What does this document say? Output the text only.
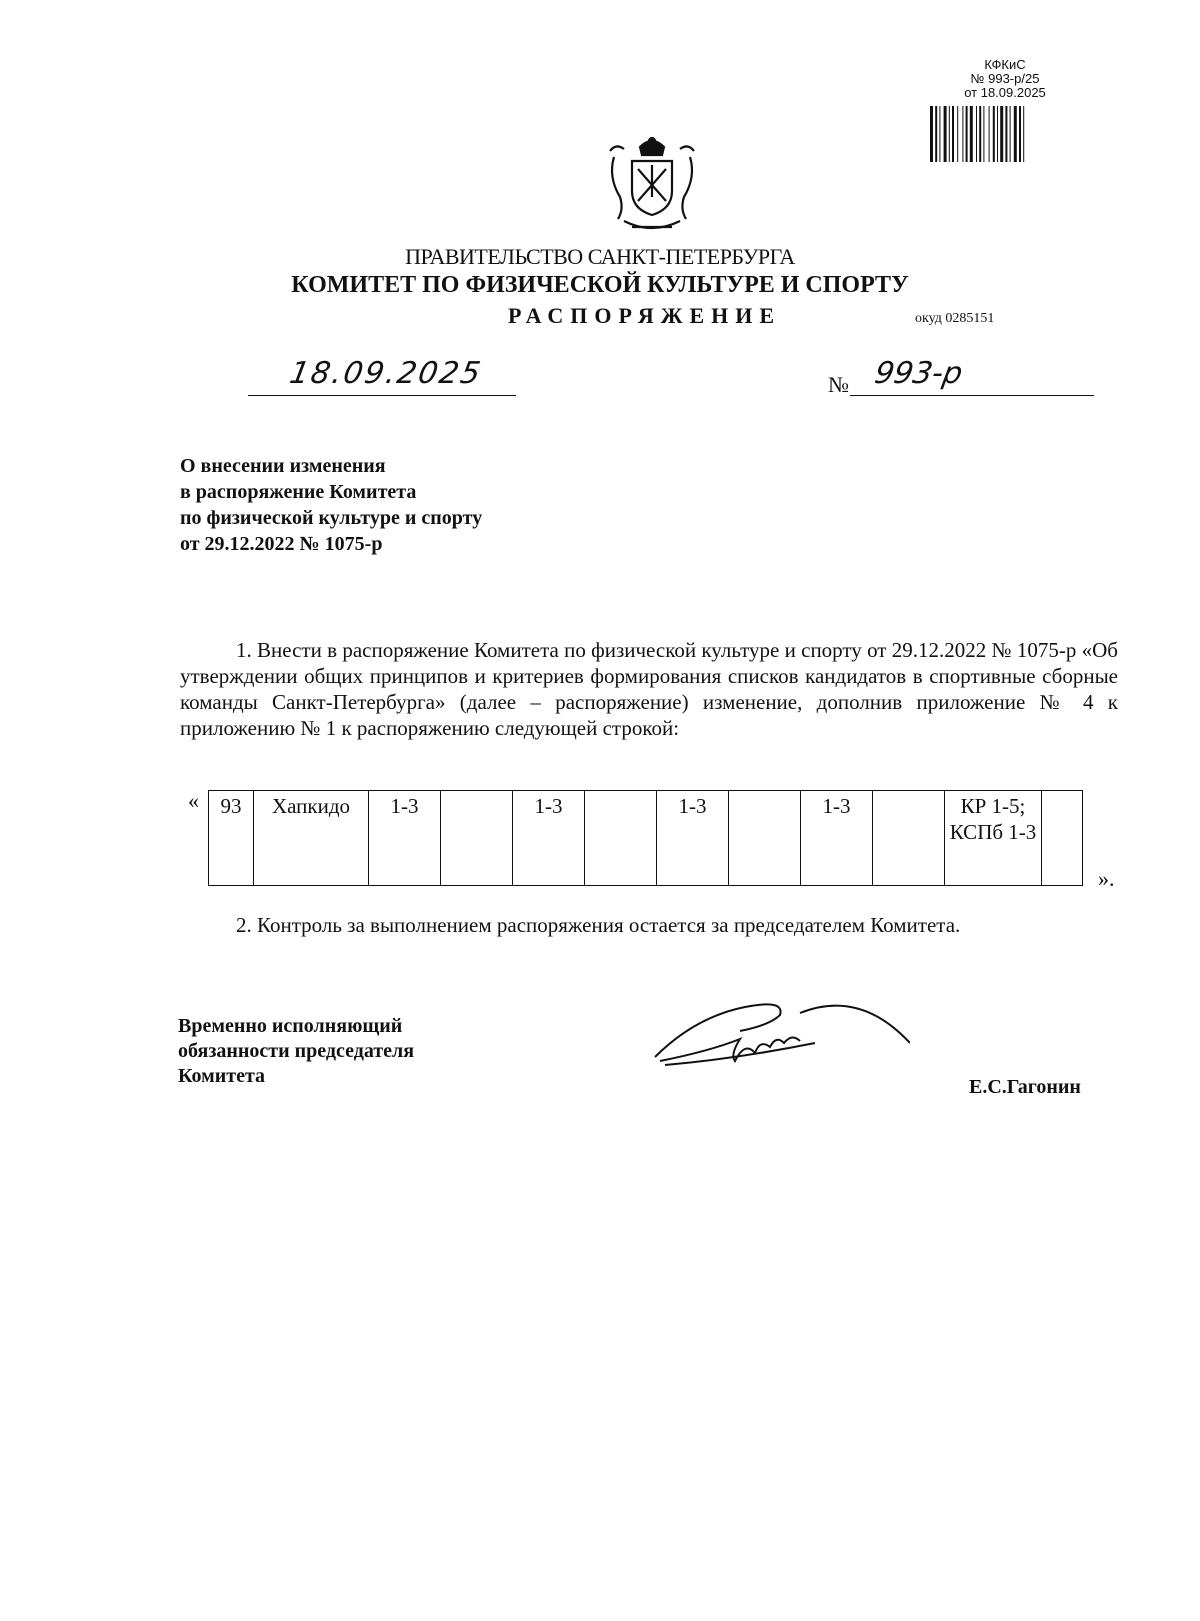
КФКиС
№ 993-р/25
от 18.09.2025
ПРАВИТЕЛЬСТВО САНКТ-ПЕТЕРБУРГА
КОМИТЕТ ПО ФИЗИЧЕСКОЙ КУЛЬТУРЕ И СПОРТУ
РАСПОРЯЖЕНИЕ	окуд 0285151
18.09.2025	№ 993-р
О внесении изменения
в распоряжение Комитета
по физической культуре и спорту
от 29.12.2022 № 1075-р
1. Внести в распоряжение Комитета по физической культуре и спорту от 29.12.2022 № 1075-р «Об утверждении общих принципов и критериев формирования списков кандидатов в спортивные сборные команды Санкт-Петербурга» (далее – распоряжение) изменение, дополнив приложение № 4 к приложению № 1 к распоряжению следующей строкой:
« 93	Хапкидо	1-3		1-3		1-3		1-3		КР 1-5; КСПб 1-3	
».
2. Контроль за выполнением распоряжения остается за председателем Комитета.
Временно исполняющий
обязанности председателя
Комитета	Е.С.Гагонин
